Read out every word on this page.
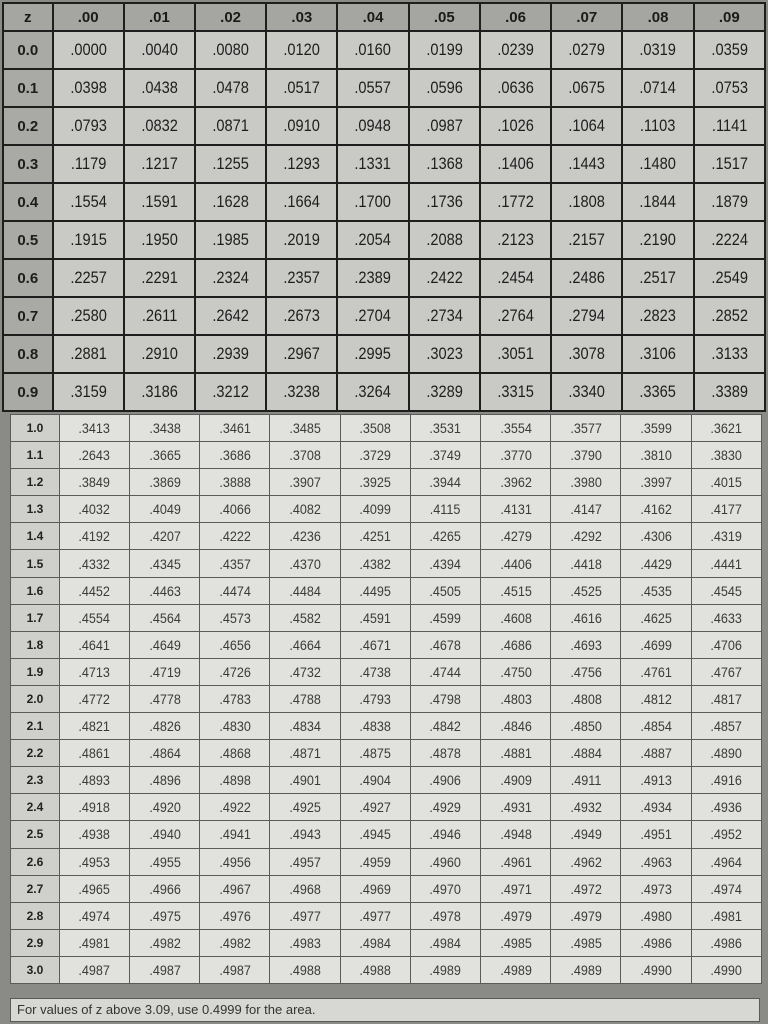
z	.00	.01	.02	.03	.04	.05	.06	.07	.08	.09
0.0	.0000	.0040	.0080	.0120	.0160	.0199	.0239	.0279	.0319	.0359
0.1	.0398	.0438	.0478	.0517	.0557	.0596	.0636	.0675	.0714	.0753
0.2	.0793	.0832	.0871	.0910	.0948	.0987	.1026	.1064	.1103	.1141
0.3	.1179	.1217	.1255	.1293	.1331	.1368	.1406	.1443	.1480	.1517
0.4	.1554	.1591	.1628	.1664	.1700	.1736	.1772	.1808	.1844	.1879
0.5	.1915	.1950	.1985	.2019	.2054	.2088	.2123	.2157	.2190	.2224
0.6	.2257	.2291	.2324	.2357	.2389	.2422	.2454	.2486	.2517	.2549
0.7	.2580	.2611	.2642	.2673	.2704	.2734	.2764	.2794	.2823	.2852
0.8	.2881	.2910	.2939	.2967	.2995	.3023	.3051	.3078	.3106	.3133
0.9	.3159	.3186	.3212	.3238	.3264	.3289	.3315	.3340	.3365	.3389
1.0	.3413	.3438	.3461	.3485	.3508	.3531	.3554	.3577	.3599	.3621
1.1	.2643	.3665	.3686	.3708	.3729	.3749	.3770	.3790	.3810	.3830
1.2	.3849	.3869	.3888	.3907	.3925	.3944	.3962	.3980	.3997	.4015
1.3	.4032	.4049	.4066	.4082	.4099	.4115	.4131	.4147	.4162	.4177
1.4	.4192	.4207	.4222	.4236	.4251	.4265	.4279	.4292	.4306	.4319
1.5	.4332	.4345	.4357	.4370	.4382	.4394	.4406	.4418	.4429	.4441
1.6	.4452	.4463	.4474	.4484	.4495	.4505	.4515	.4525	.4535	.4545
1.7	.4554	.4564	.4573	.4582	.4591	.4599	.4608	.4616	.4625	.4633
1.8	.4641	.4649	.4656	.4664	.4671	.4678	.4686	.4693	.4699	.4706
1.9	.4713	.4719	.4726	.4732	.4738	.4744	.4750	.4756	.4761	.4767
2.0	.4772	.4778	.4783	.4788	.4793	.4798	.4803	.4808	.4812	.4817
2.1	.4821	.4826	.4830	.4834	.4838	.4842	.4846	.4850	.4854	.4857
2.2	.4861	.4864	.4868	.4871	.4875	.4878	.4881	.4884	.4887	.4890
2.3	.4893	.4896	.4898	.4901	.4904	.4906	.4909	.4911	.4913	.4916
2.4	.4918	.4920	.4922	.4925	.4927	.4929	.4931	.4932	.4934	.4936
2.5	.4938	.4940	.4941	.4943	.4945	.4946	.4948	.4949	.4951	.4952
2.6	.4953	.4955	.4956	.4957	.4959	.4960	.4961	.4962	.4963	.4964
2.7	.4965	.4966	.4967	.4968	.4969	.4970	.4971	.4972	.4973	.4974
2.8	.4974	.4975	.4976	.4977	.4977	.4978	.4979	.4979	.4980	.4981
2.9	.4981	.4982	.4982	.4983	.4984	.4984	.4985	.4985	.4986	.4986
3.0	.4987	.4987	.4987	.4988	.4988	.4989	.4989	.4989	.4990	.4990
For values of z above 3.09, use 0.4999 for the area.
